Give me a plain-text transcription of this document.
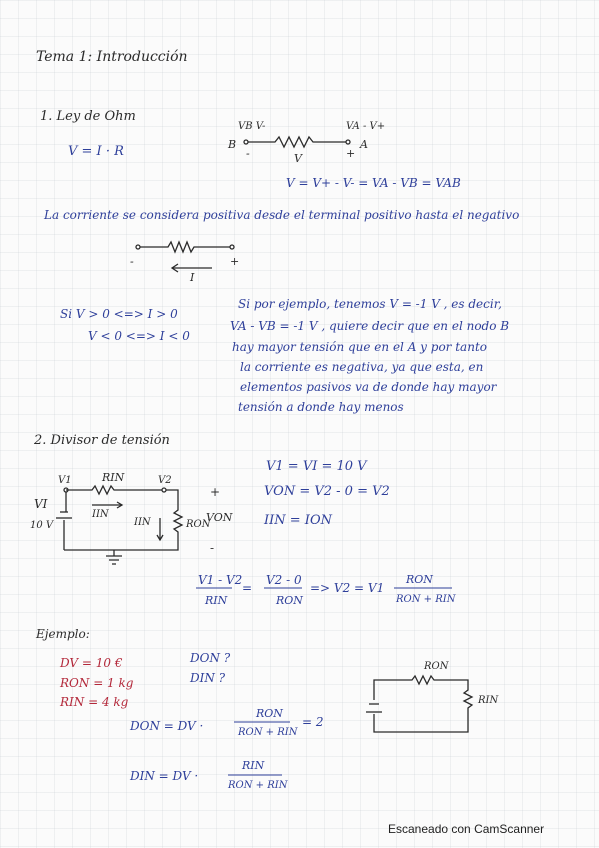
Tema 1: Introducción
1. Ley de Ohm
V = I · R
VB V-	VA - V+
B	A
-	+
V
V = V+ - V- = VA - VB = VAB
La corriente se considera positiva desde el terminal positivo hasta el negativo
-	+
I
Si V > 0 <=> I > 0
V < 0 <=> I < 0
Si por ejemplo, tenemos V = -1 V , es decir,
VA - VB = -1 V , quiere decir que en el nodo B
hay mayor tensión que en el A y por tanto
la corriente es negativa, ya que esta, en
elementos pasivos va de donde hay mayor
tensión a donde hay menos
2. Divisor de tensión
V1	RIN	V2
VI
10 V
IIN
IIN	RON
+
VON
-
V1 = VI = 10 V
VON = V2 - 0 = V2
IIN = ION
V1 - V2
RIN
=
V2 - 0
RON
=> V2 = V1
RON
RON + RIN
Ejemplo:
DV = 10 €
RON = 1 kg
RIN = 4 kg
DON ?
DIN ?
RON
RIN
DON = DV ·
RON
RON + RIN
= 2
DIN = DV ·
RIN
RON + RIN
Escaneado con CamScanner
